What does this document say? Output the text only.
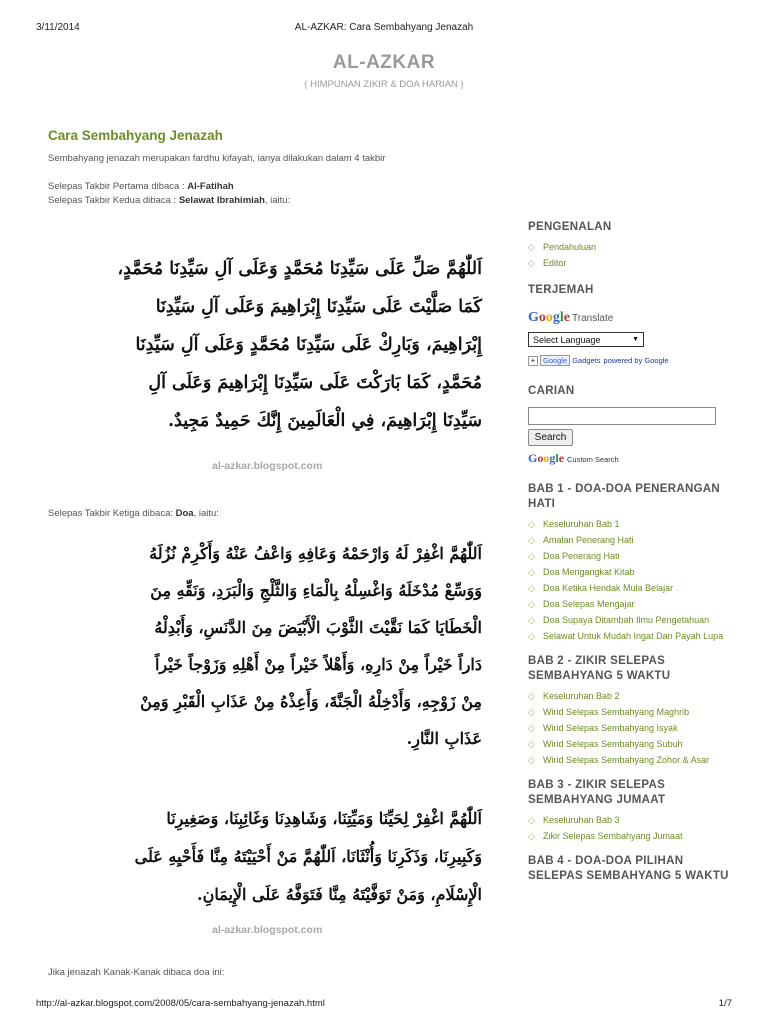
3/11/2014	AL-AZKAR: Cara Sembahyang Jenazah
AL-AZKAR
( HIMPUNAN ZIKIR & DOA HARIAN )
Cara Sembahyang Jenazah
Sembahyang jenazah merupakan fardhu kifayah, ianya dilakukan dalam 4 takbir
Selepas Takbir Pertama dibaca : Al-Fatihah
Selepas Takbir Kedua dibaca : Selawat Ibrahimiah, iaitu:
اَللّٰهُمَّ صَلِّ عَلَى سَيِّدِنَا مُحَمَّدٍ وَعَلَى آلِ سَيِّدِنَا مُحَمَّدٍ،
كَمَا صَلَّيْتَ عَلَى سَيِّدِنَا إِبْرَاهِيمَ وَعَلَى آلِ سَيِّدِنَا
إِبْرَاهِيمَ، وَبَارِكْ عَلَى سَيِّدِنَا مُحَمَّدٍ وَعَلَى آلِ سَيِّدِنَا
مُحَمَّدٍ، كَمَا بَارَكْتَ عَلَى سَيِّدِنَا إِبْرَاهِيمَ وَعَلَى آلِ
سَيِّدِنَا إِبْرَاهِيمَ، فِي الْعَالَمِينَ إِنَّكَ حَمِيدٌ مَجِيدٌ.
al-azkar.blogspot.com
Selepas Takbir Ketiga dibaca: Doa, iaitu:
اَللّٰهُمَّ اغْفِرْ لَهُ وَارْحَمْهُ وَعَافِهِ وَاعْفُ عَنْهُ وَأَكْرِمْ نُزُلَهُ
وَوَسِّعْ مُدْخَلَهُ وَاغْسِلْهُ بِالْمَاءِ وَالثَّلْجِ وَالْبَرَدِ، وَنَقِّهِ مِنَ
الْخَطَايَا كَمَا نَقَّيْتَ الثَّوْبَ الْأَبْيَضَ مِنَ الدَّنَسِ، وَأَبْدِلْهُ
دَاراً خَيْراً مِنْ دَارِهِ، وَأَهْلاً خَيْراً مِنْ أَهْلِهِ وَزَوْجاً خَيْراً
مِنْ زَوْجِهِ، وَأَدْخِلْهُ الْجَنَّةَ، وَأَعِذْهُ مِنْ عَذَابِ الْقَبْرِ وَمِنْ
عَذَابِ النَّارِ.
اَللّٰهُمَّ اغْفِرْ لِحَيِّنَا وَمَيِّتِنَا، وَشَاهِدِنَا وَغَائِبِنَا، وَصَغِيرِنَا
وَكَبِيرِنَا، وَذَكَرِنَا وَأُنْثَانَا، اَللّٰهُمَّ مَنْ أَحْيَيْتَهُ مِنَّا فَأَحْيِهِ عَلَى
الْإِسْلَامِ، وَمَنْ تَوَفَّيْتَهُ مِنَّا فَتَوَفَّهُ عَلَى الْإِيمَانِ.
al-azkar.blogspot.com
Jika jenazah Kanak-Kanak dibaca doa ini:
PENGENALAN
◇ Pendahuluan
◇ Editor
TERJEMAH
Google Translate
Select Language	▼
+	Google Gadgets powered by Google
CARIAN
Search
Google Custom Search
BAB 1 - DOA-DOA PENERANGAN HATI
◇ Keseluruhan Bab 1
◇ Amalan Penerang Hati
◇ Doa Penerang Hati
◇ Doa Mengangkat Kitab
◇ Doa Ketika Hendak Mula Belajar
◇ Doa Selepas Mengajar
◇ Doa Supaya Ditambah Ilmu Pengetahuan
◇ Selawat Untuk Mudah Ingat Dan Payah Lupa
BAB 2 - ZIKIR SELEPAS SEMBAHYANG 5 WAKTU
◇ Keseluruhan Bab 2
◇ Wirid Selepas Sembahyang Maghrib
◇ Wirid Selepas Sembahyang Isyak
◇ Wirid Selepas Sembahyang Subuh
◇ Wirid Selepas Sembahyang Zohor & Asar
BAB 3 - ZIKIR SELEPAS SEMBAHYANG JUMAAT
◇ Keseluruhan Bab 3
◇ Zikir Selepas Sembahyang Jumaat
BAB 4 - DOA-DOA PILIHAN SELEPAS SEMBAHYANG 5 WAKTU
http://al-azkar.blogspot.com/2008/05/cara-sembahyang-jenazah.html	1/7
